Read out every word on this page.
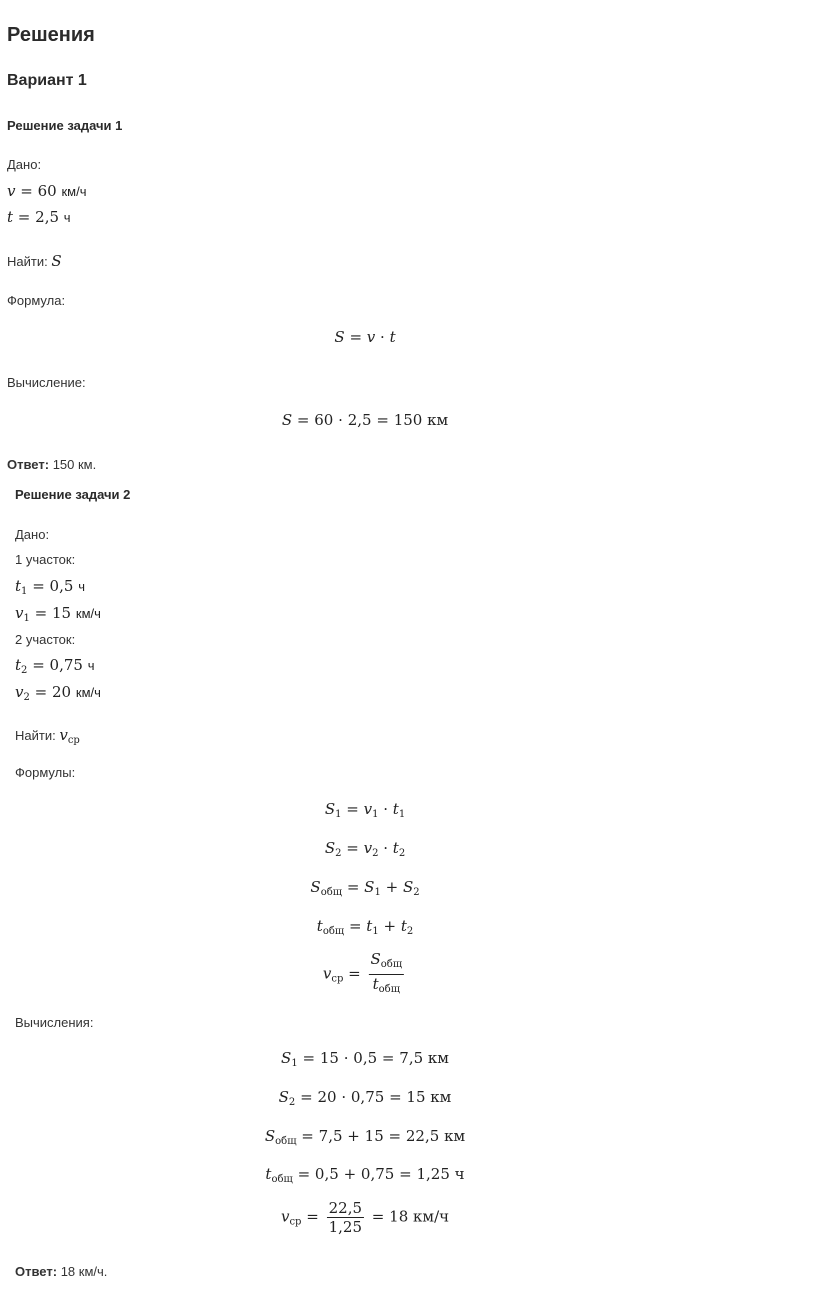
Решения
Вариант 1
Решение задачи 1
Дано:
v = 60 км/ч
t = 2,5 ч
Найти: S
Формула:
S = v · t
Вычисление:
S = 60 · 2,5 = 150 км
Ответ: 150 км.
Решение задачи 2
Дано:
1 участок:
$t_1 = 0,5$ ч
$v_1 = 15$ км/ч
2 участок:
$t_2 = 0,75$ ч
$v_2 = 20$ км/ч
Найти: $v_{ср}$
Формулы:
$S_1 = v_1 \cdot t_1$
$S_2 = v_2 \cdot t_2$
$S_{общ} = S_1 + S_2$
$t_{общ} = t_1 + t_2$
$v_{ср} = \frac{S_{общ}}{t_{общ}}$
Вычисления:
$S_1 = 15 \cdot 0,5 = 7,5$ км
$S_2 = 20 \cdot 0,75 = 15$ км
$S_{общ} = 7,5 + 15 = 22,5$ км
$t_{общ} = 0,5 + 0,75 = 1,25$ ч
$v_{ср} = \frac{22,5}{1,25} = 18$ км/ч
Ответ: 18 км/ч.
